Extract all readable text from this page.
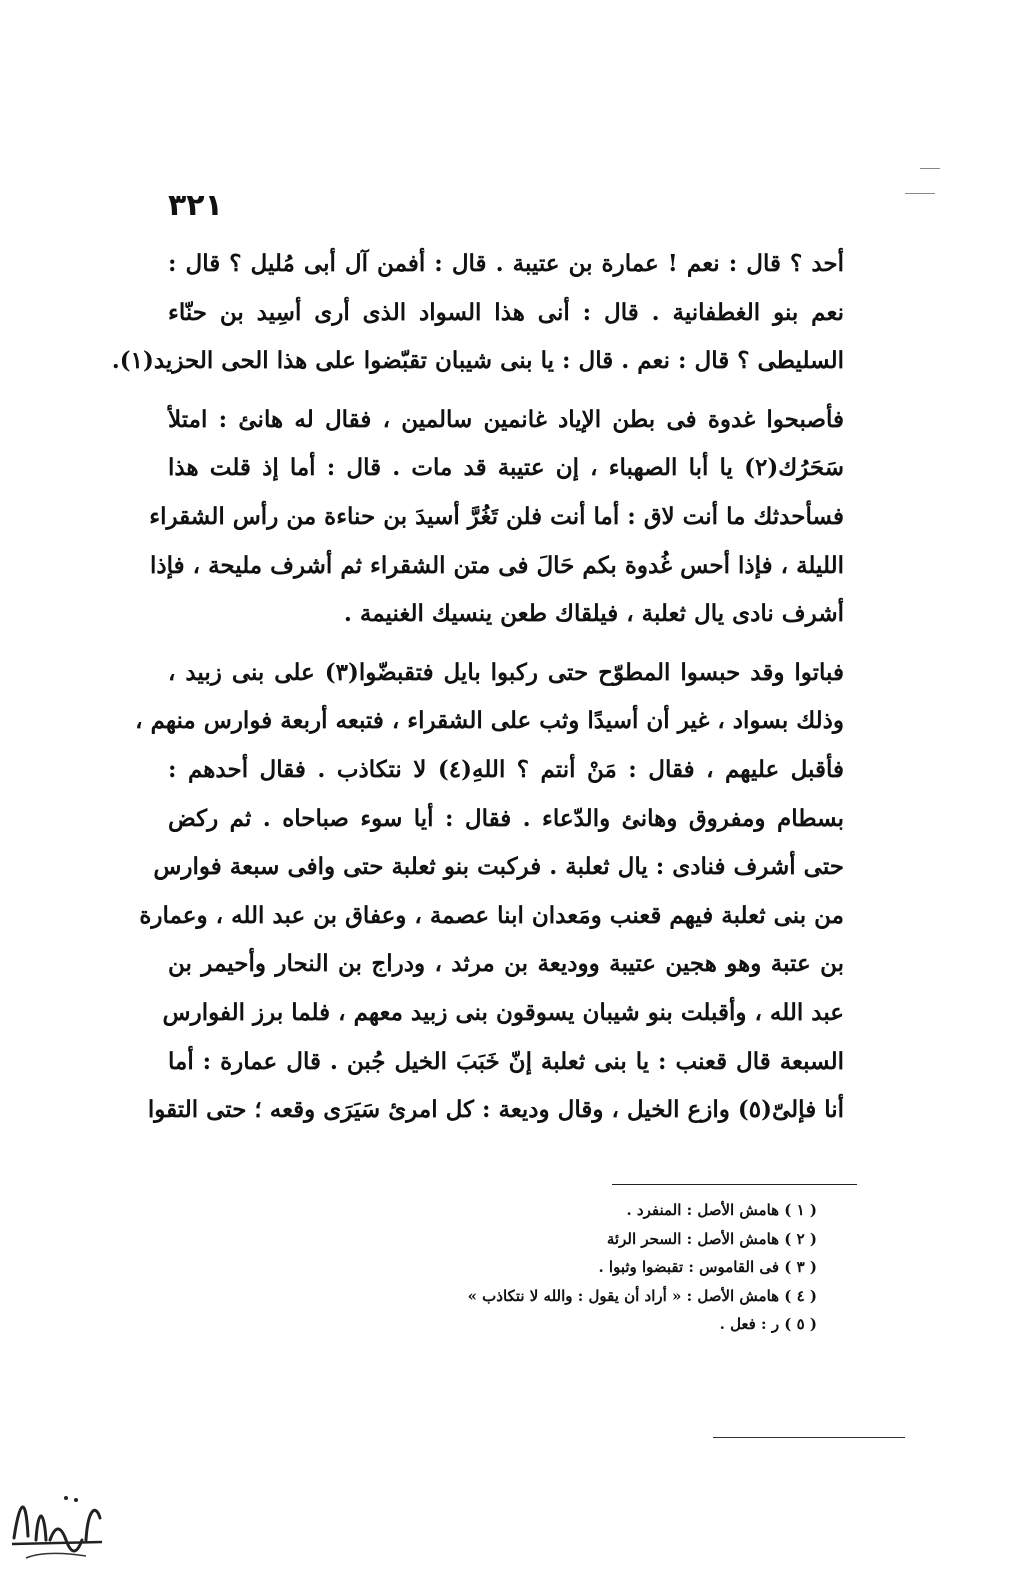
٣٢١
أحد ؟ قال : نعم ! عمارة بن عتيبة . قال : أفمن آل أبى مُليل ؟ قال :
نعم بنو الغطفانية . قال : أنى هذا السواد الذى أرى أسِيد بن حنّاء
السليطى ؟ قال : نعم . قال : يا بنى شيبان تقبّضوا على هذا الحى الحزيد(١).
فأصبحوا غدوة فى بطن الإياد غانمين سالمين ، فقال له هانئ : امتلأ
سَحَرُك(٢) يا أبا الصهباء ، إن عتيبة قد مات . قال : أما إذ قلت هذا
فسأحدثك ما أنت لاق : أما أنت فلن تَغُرَّ أسيدَ بن حناءة من رأس الشقراء
الليلة ، فإذا أحس غُدوة بكم حَالَ فى متن الشقراء ثم أشرف مليحة ، فإذا
أشرف نادى يال ثعلبة ، فيلقاك طعن ينسيك الغنيمة .
فباتوا وقد حبسوا المطوّح حتى ركبوا بايل فتقبضّوا(٣) على بنى زبيد ،
وذلك بسواد ، غير أن أسيدًا وثب على الشقراء ، فتبعه أربعة فوارس منهم ،
فأقبل عليهم ، فقال : مَنْ أنتم ؟ اللهِ(٤) لا نتكاذب . فقال أحدهم :
بسطام ومفروق وهانئ والدّعاء . فقال : أيا سوء صباحاه . ثم ركض
حتى أشرف فنادى : يال ثعلبة . فركبت بنو ثعلبة حتى وافى سبعة فوارس
من بنى ثعلبة فيهم قعنب ومَعدان ابنا عصمة ، وعفاق بن عبد الله ، وعمارة
بن عتبة وهو هجين عتيبة ووديعة بن مرثد ، ودراج بن النحار وأحيمر بن
عبد الله ، وأقبلت بنو شيبان يسوقون بنى زبيد معهم ، فلما برز الفوارس
السبعة قال قعنب : يا بنى ثعلبة إنّ خَبَبَ الخيل جُبن . قال عمارة : أما
أنا فإلىّ(٥) وازع الخيل ، وقال وديعة : كل امرئ سَيَرَى وقعه ؛ حتى التقوا
( ١ ) هامش الأصل : المنفرد .
( ٢ ) هامش الأصل : السحر الرئة
( ٣ ) فى القاموس : تقبضوا وثبوا .
( ٤ ) هامش الأصل : « أراد أن يقول : والله لا نتكاذب »
( ٥ ) ر : فعل .
